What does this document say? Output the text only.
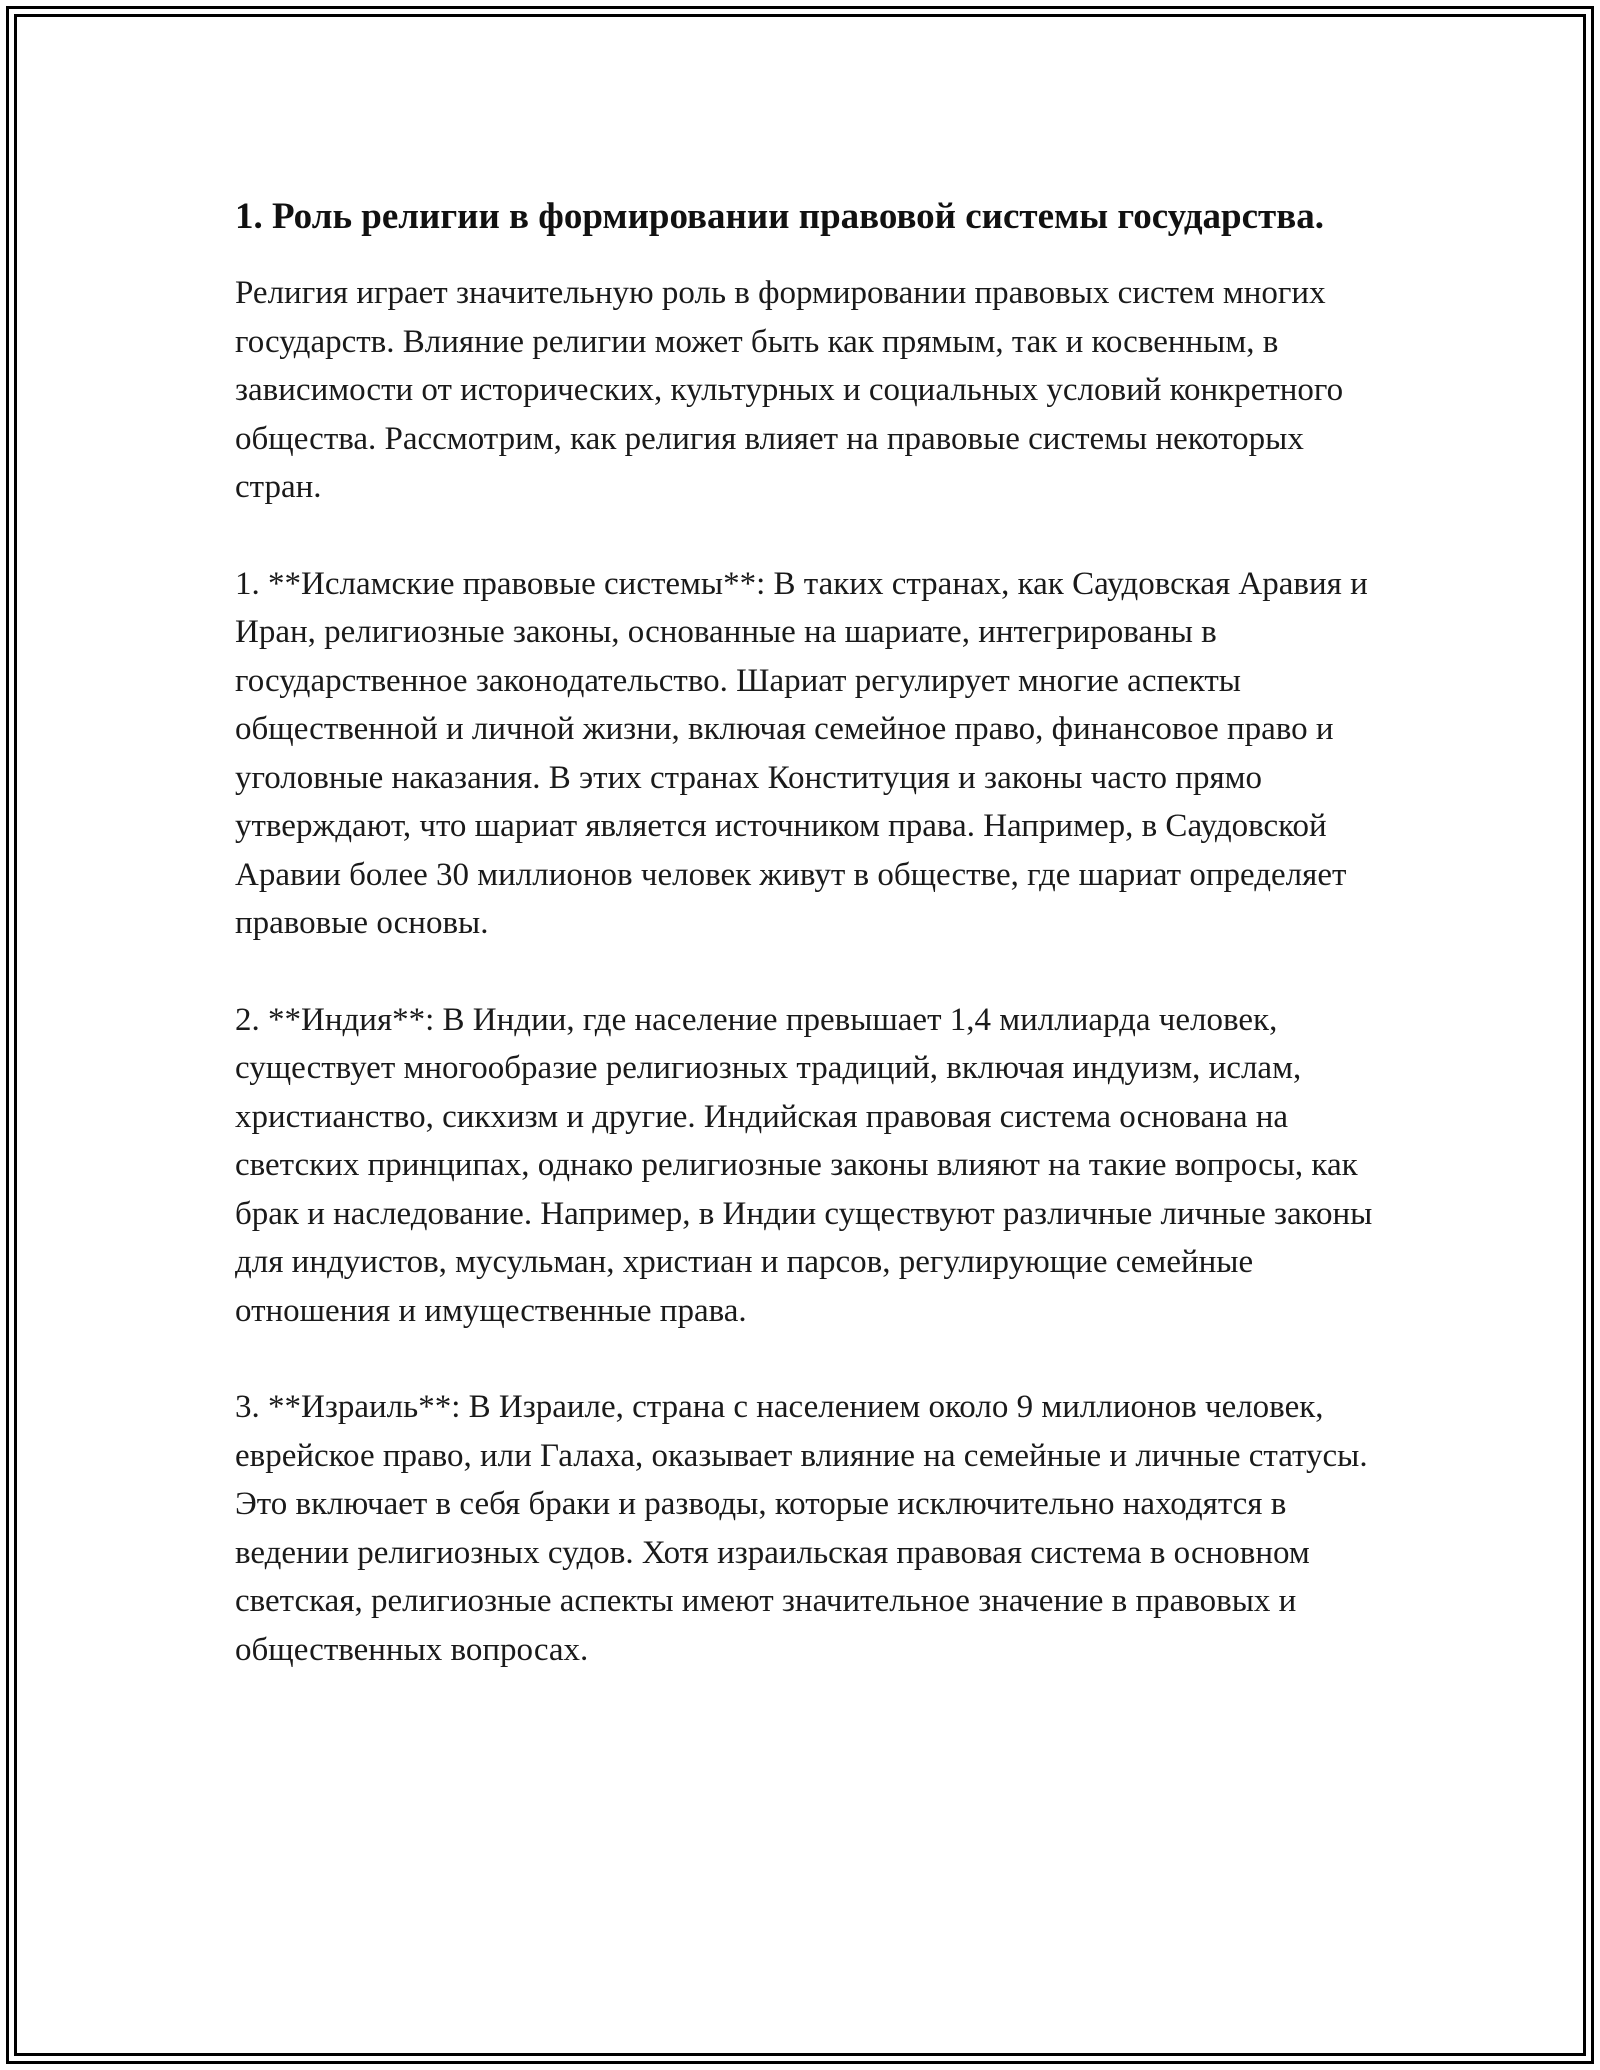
1. Роль религии в формировании правовой системы государства.

Религия играет значительную роль в формировании правовых систем многих государств. Влияние религии может быть как прямым, так и косвенным, в зависимости от исторических, культурных и социальных условий конкретного общества. Рассмотрим, как религия влияет на правовые системы некоторых стран.

1. **Исламские правовые системы**: В таких странах, как Саудовская Аравия и Иран, религиозные законы, основанные на шариате, интегрированы в государственное законодательство. Шариат регулирует многие аспекты общественной и личной жизни, включая семейное право, финансовое право и уголовные наказания. В этих странах Конституция и законы часто прямо утверждают, что шариат является источником права. Например, в Саудовской Аравии более 30 миллионов человек живут в обществе, где шариат определяет правовые основы.

2. **Индия**: В Индии, где население превышает 1,4 миллиарда человек, существует многообразие религиозных традиций, включая индуизм, ислам, христианство, сикхизм и другие. Индийская правовая система основана на светских принципах, однако религиозные законы влияют на такие вопросы, как брак и наследование. Например, в Индии существуют различные личные законы для индуистов, мусульман, христиан и парсов, регулирующие семейные отношения и имущественные права.

3. **Израиль**: В Израиле, страна с населением около 9 миллионов человек, еврейское право, или Галаха, оказывает влияние на семейные и личные статусы. Это включает в себя браки и разводы, которые исключительно находятся в ведении религиозных судов. Хотя израильская правовая система в основном светская, религиозные аспекты имеют значительное значение в правовых и общественных вопросах.
